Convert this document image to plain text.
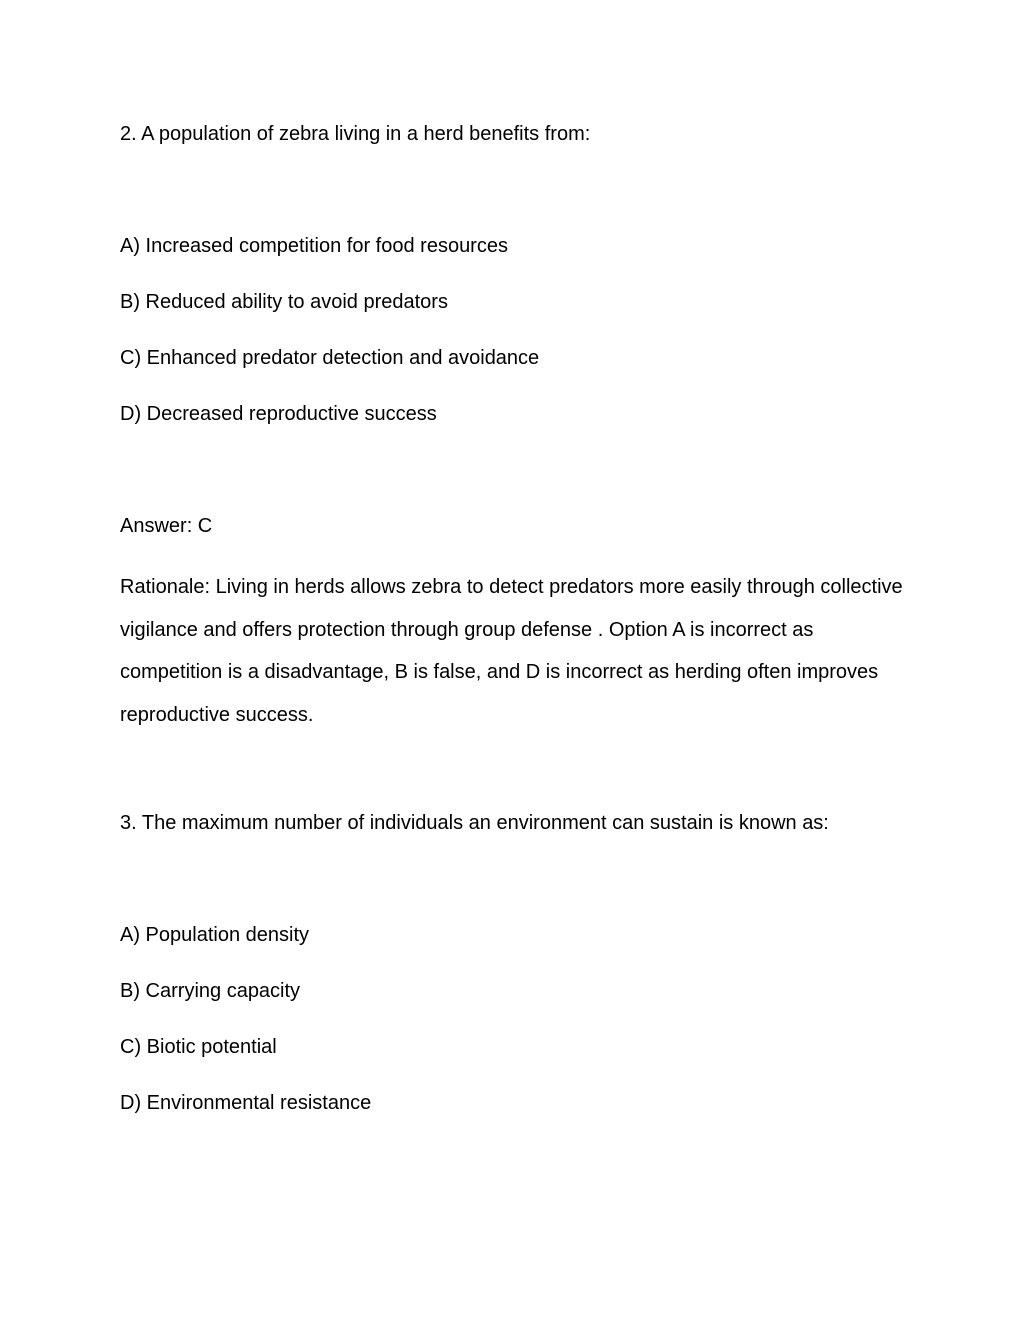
2. A population of zebra living in a herd benefits from:
A) Increased competition for food resources
B) Reduced ability to avoid predators
C) Enhanced predator detection and avoidance
D) Decreased reproductive success
Answer: C
Rationale: Living in herds allows zebra to detect predators more easily through collective vigilance and offers protection through group defense . Option A is incorrect as competition is a disadvantage, B is false, and D is incorrect as herding often improves reproductive success.
3. The maximum number of individuals an environment can sustain is known as:
A) Population density
B) Carrying capacity
C) Biotic potential
D) Environmental resistance
